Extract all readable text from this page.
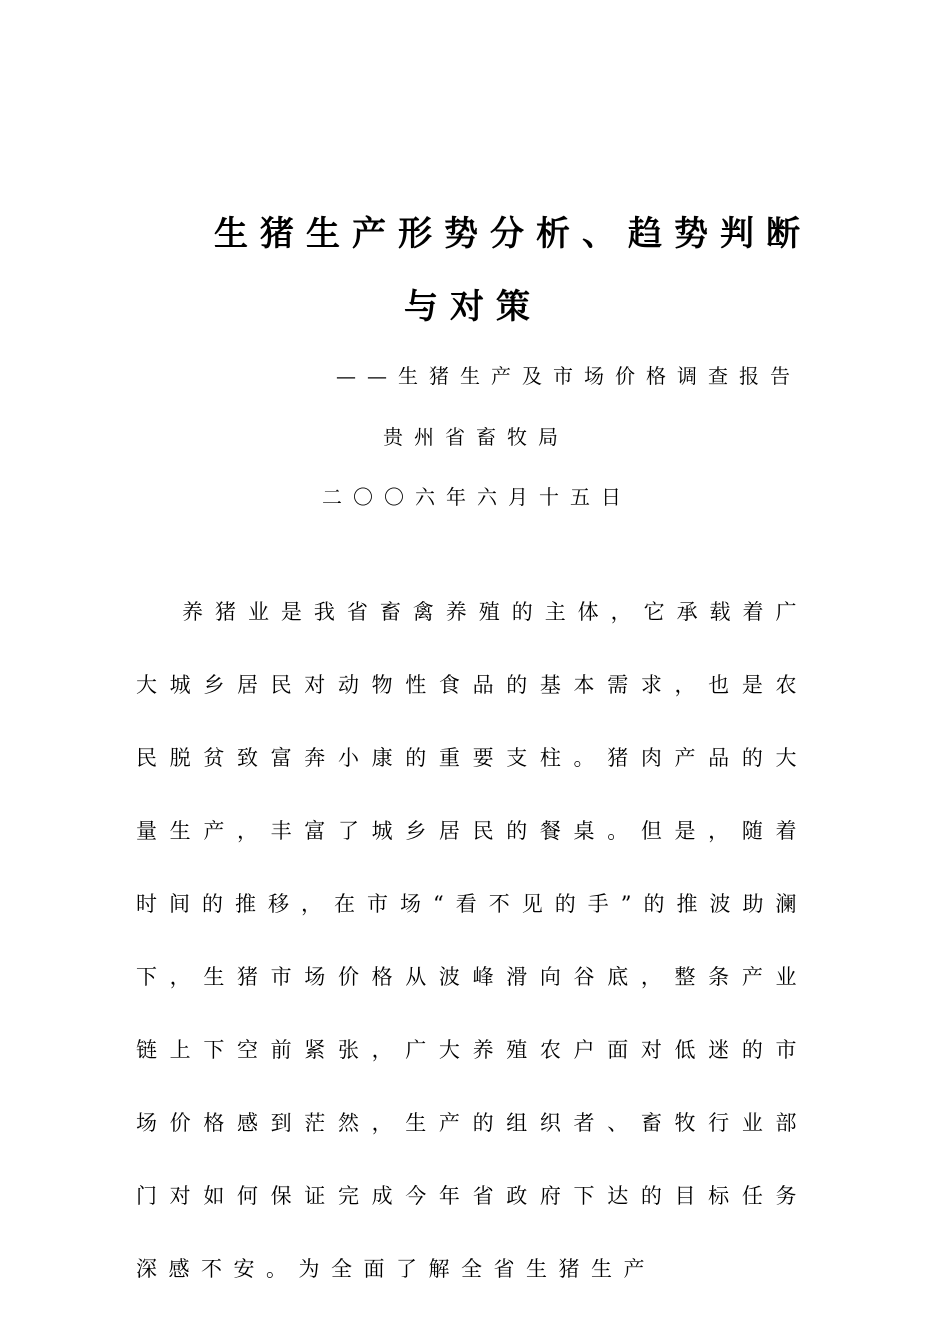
生猪生产形势分析、趋势判断
与对策

——生猪生产及市场价格调查报告

贵州省畜牧局

二〇〇六年六月十五日

养猪业是我省畜禽养殖的主体，它承载着广大城乡居民对动物性食品的基本需求，也是农民脱贫致富奔小康的重要支柱。猪肉产品的大量生产，丰富了城乡居民的餐桌。但是，随着时间的推移，在市场“看不见的手”的推波助澜下，生猪市场价格从波峰滑向谷底，整条产业链上下空前紧张，广大养殖农户面对低迷的市场价格感到茫然，生产的组织者、畜牧行业部门对如何保证完成今年省政府下达的目标任务深感不安。为全面了解全省生猪生产
